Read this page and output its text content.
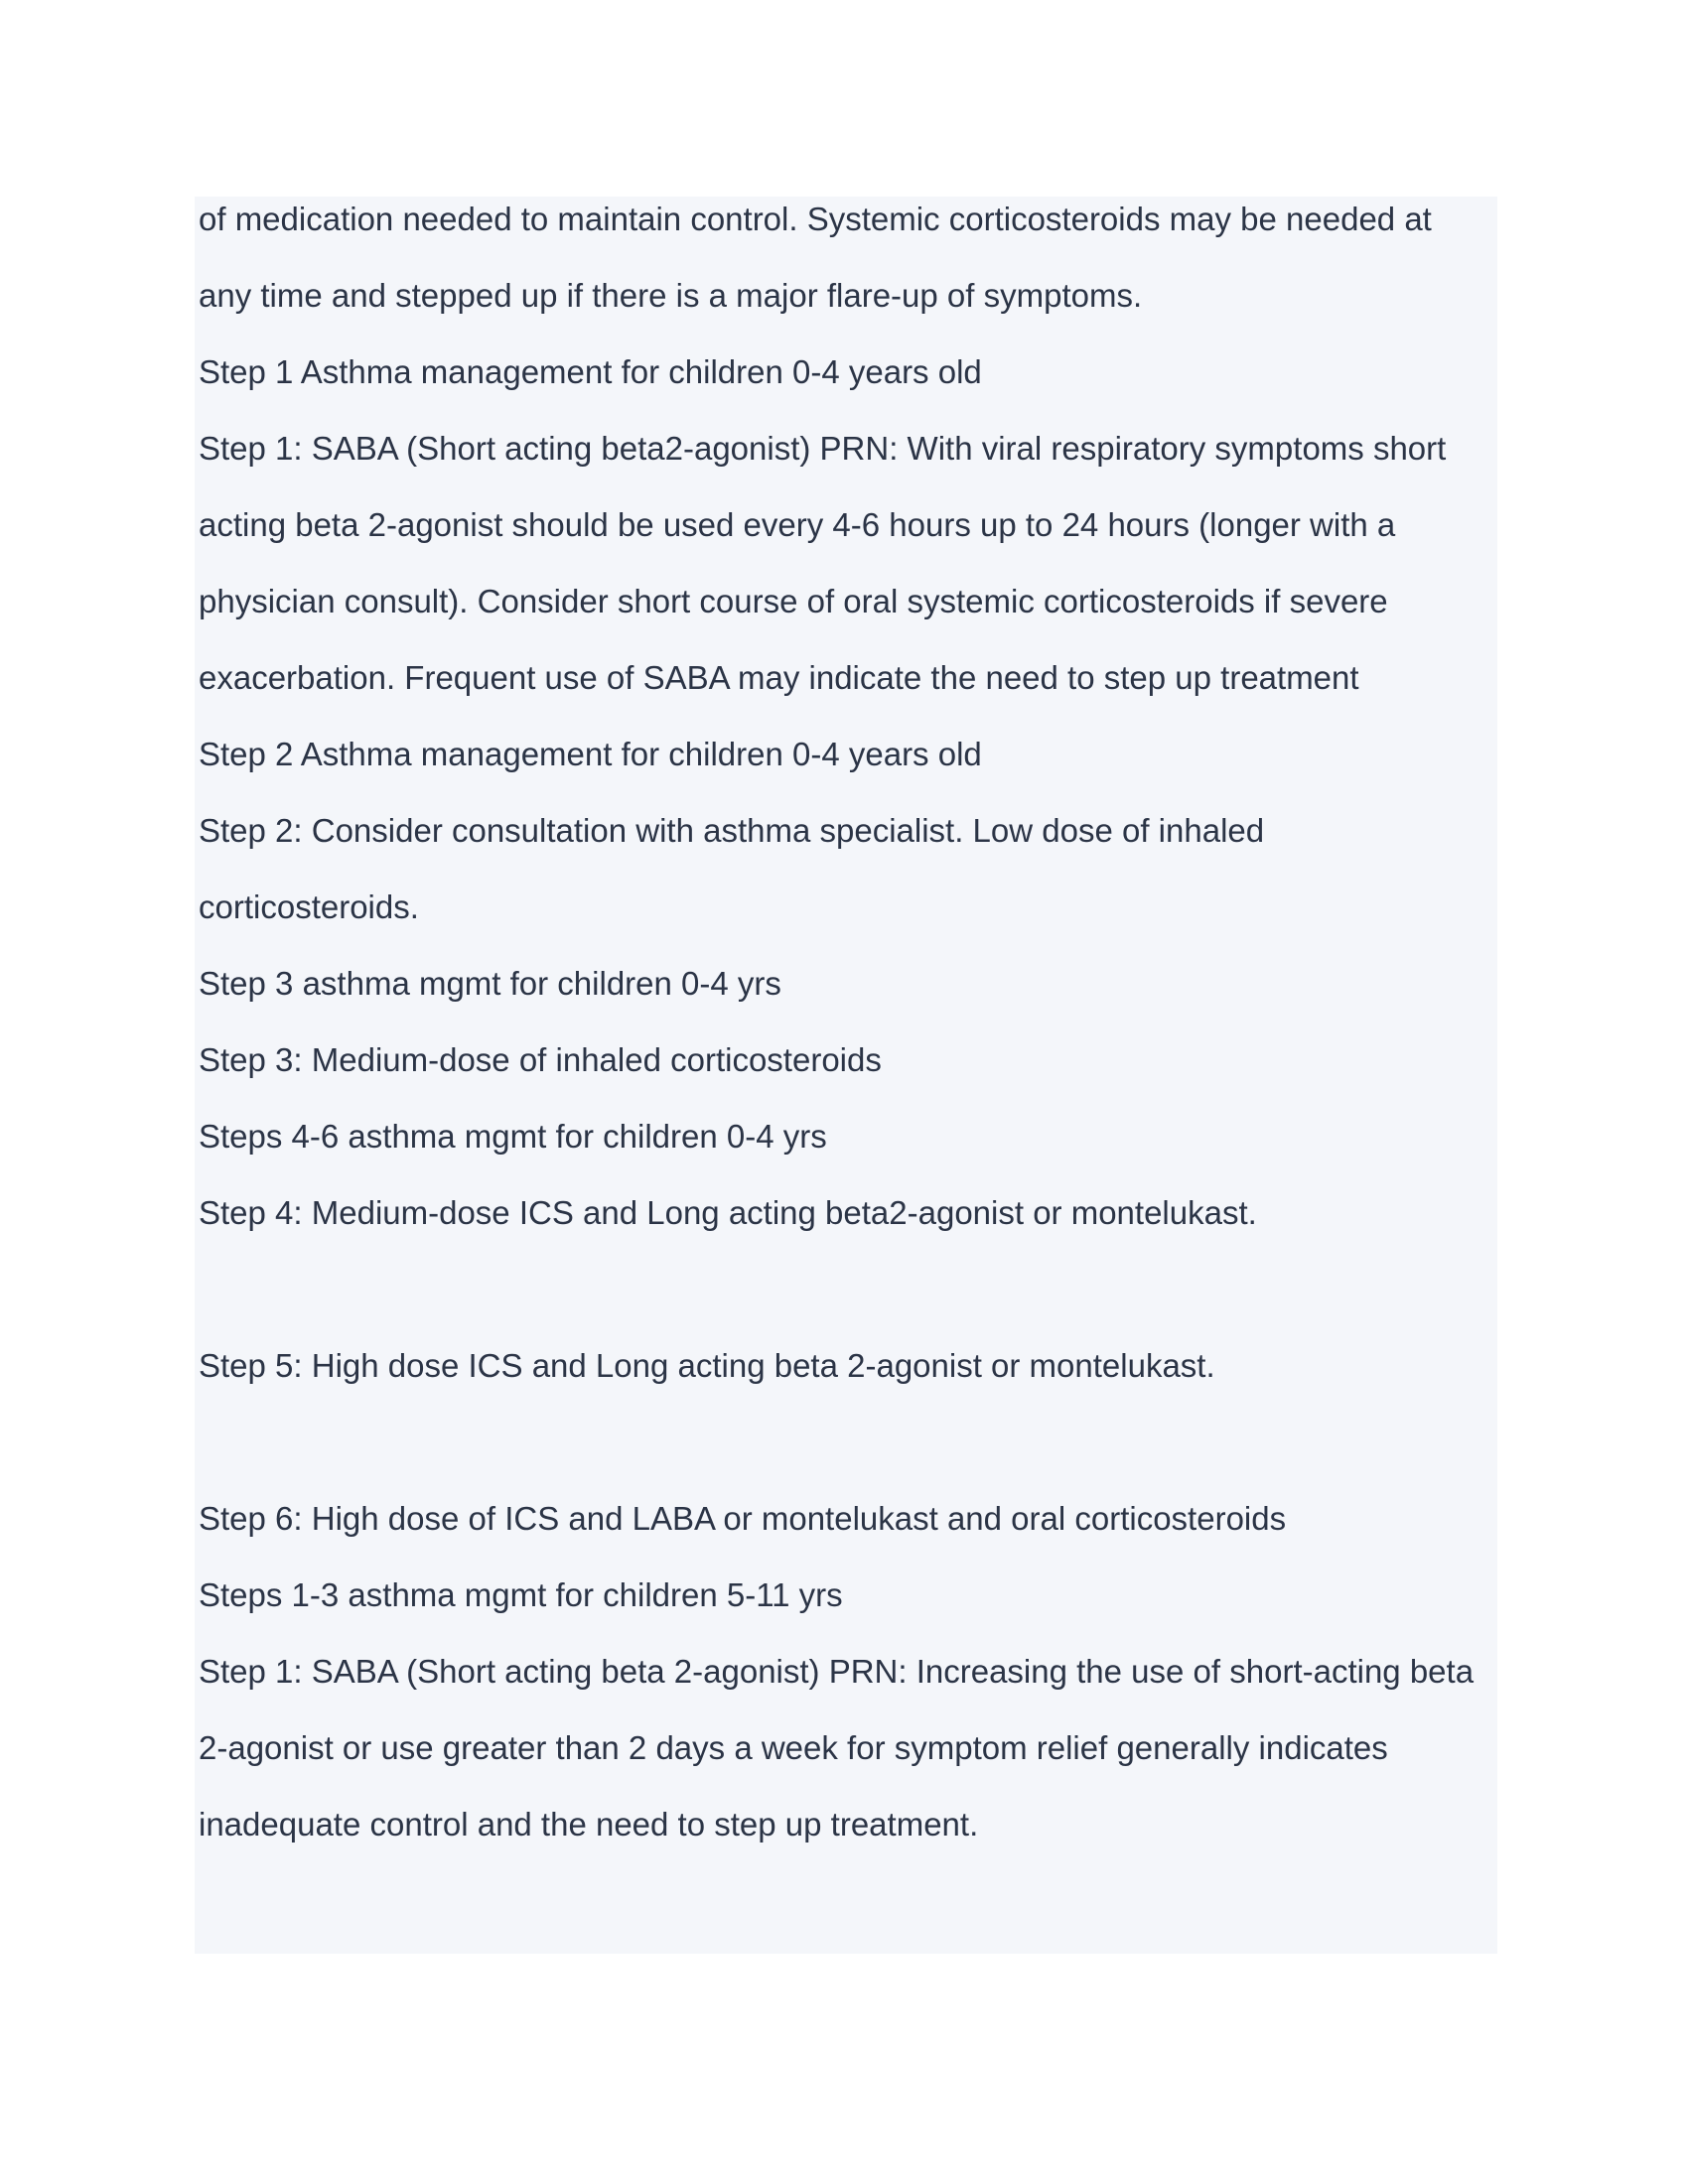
of medication needed to maintain control. Systemic corticosteroids may be needed at
any time and stepped up if there is a major flare-up of symptoms.
Step 1 Asthma management for children 0-4 years old
Step 1: SABA (Short acting beta2-agonist) PRN: With viral respiratory symptoms short
acting beta 2-agonist should be used every 4-6 hours up to 24 hours (longer with a
physician consult). Consider short course of oral systemic corticosteroids if severe
exacerbation. Frequent use of SABA may indicate the need to step up treatment
Step 2 Asthma management for children 0-4 years old
Step 2: Consider consultation with asthma specialist. Low dose of inhaled
corticosteroids.
Step 3 asthma mgmt for children 0-4 yrs
Step 3: Medium-dose of inhaled corticosteroids
Steps 4-6 asthma mgmt for children 0-4 yrs
Step 4: Medium-dose ICS and Long acting beta2-agonist or montelukast.
Step 5: High dose ICS and Long acting beta 2-agonist or montelukast.
Step 6: High dose of ICS and LABA or montelukast and oral corticosteroids
Steps 1-3 asthma mgmt for children 5-11 yrs
Step 1: SABA (Short acting beta 2-agonist) PRN: Increasing the use of short-acting beta
2-agonist or use greater than 2 days a week for symptom relief generally indicates
inadequate control and the need to step up treatment.
